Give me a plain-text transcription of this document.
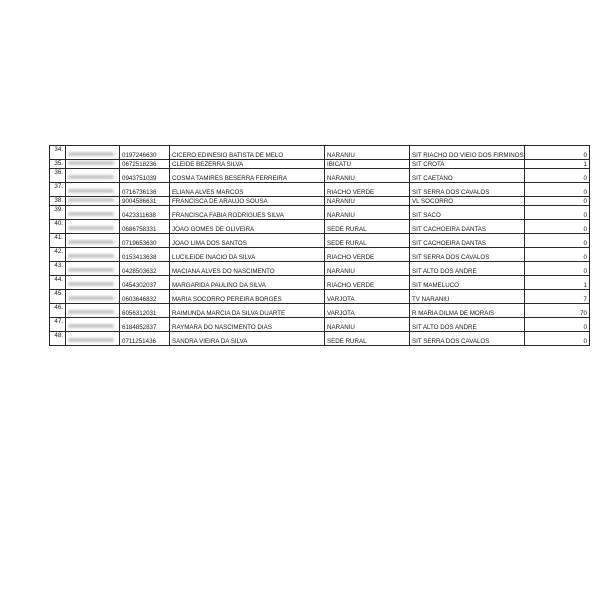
34.		0197246630	CICERO EDINESIO BATISTA DE MELO	NARANIU	SIT RIACHO DO VIEIO DOS FIRMINOS	0
35.		0672518236	CLEIDE BEZERRA SILVA	IBICATU	SIT CROTA	1
36.		0943751039	COSMA TAMIRES BESERRA FERREIRA	NARANIU	SIT CAETANO	0
37.		0716736136	ELIANA ALVES MARCOS	RIACHO VERDE	SIT SERRA DOS CAVALOS	0
38.		9004586631	FRANCISCA DE ARAUJO SOUSA	NARANIU	VL SOCORRO	0
39.		0423311638	FRANCISCA FABIA RODRIGUES SILVA	NARANIU	SIT SACO	0
40.		0686758331	JOAO GOMES DE OLIVEIRA	SEDE RURAL	SIT CACHOEIRA DANTAS	0
41.		0719653630	JOAO LIMA DOS SANTOS	SEDE RURAL	SIT CACHOEIRA DANTAS	0
42.		0153413638	LUCILEIDE INACIO DA SILVA	RIACHO VERDE	SIT SERRA DOS CAVALOS	0
43.		0428503632	MACIANA ALVES DO NASCIMENTO	NARANIU	SIT ALTO DOS ANDRE	0
44.		0454302037	MARGARIDA PAULINO DA SILVA	RIACHO VERDE	SIT MAMELUCO	1
45.		0603646832	MARIA SOCORRO PEREIRA BORGES	VARJOTA	TV NARANIU	7
46.		6056312031	RAIMUNDA MARCIA DA SILVA DUARTE	VARJOTA	R MARIA DILMA DE MORAIS	70
47.		6184852837	RAYMARA DO NASCIMENTO DIAS	NARANIU	SIT ALTO DOS ANDRE	0
48.		0711251436	SANDRA VIEIRA DA SILVA	SEDE RURAL	SIT SERRA DOS CAVALOS	0
